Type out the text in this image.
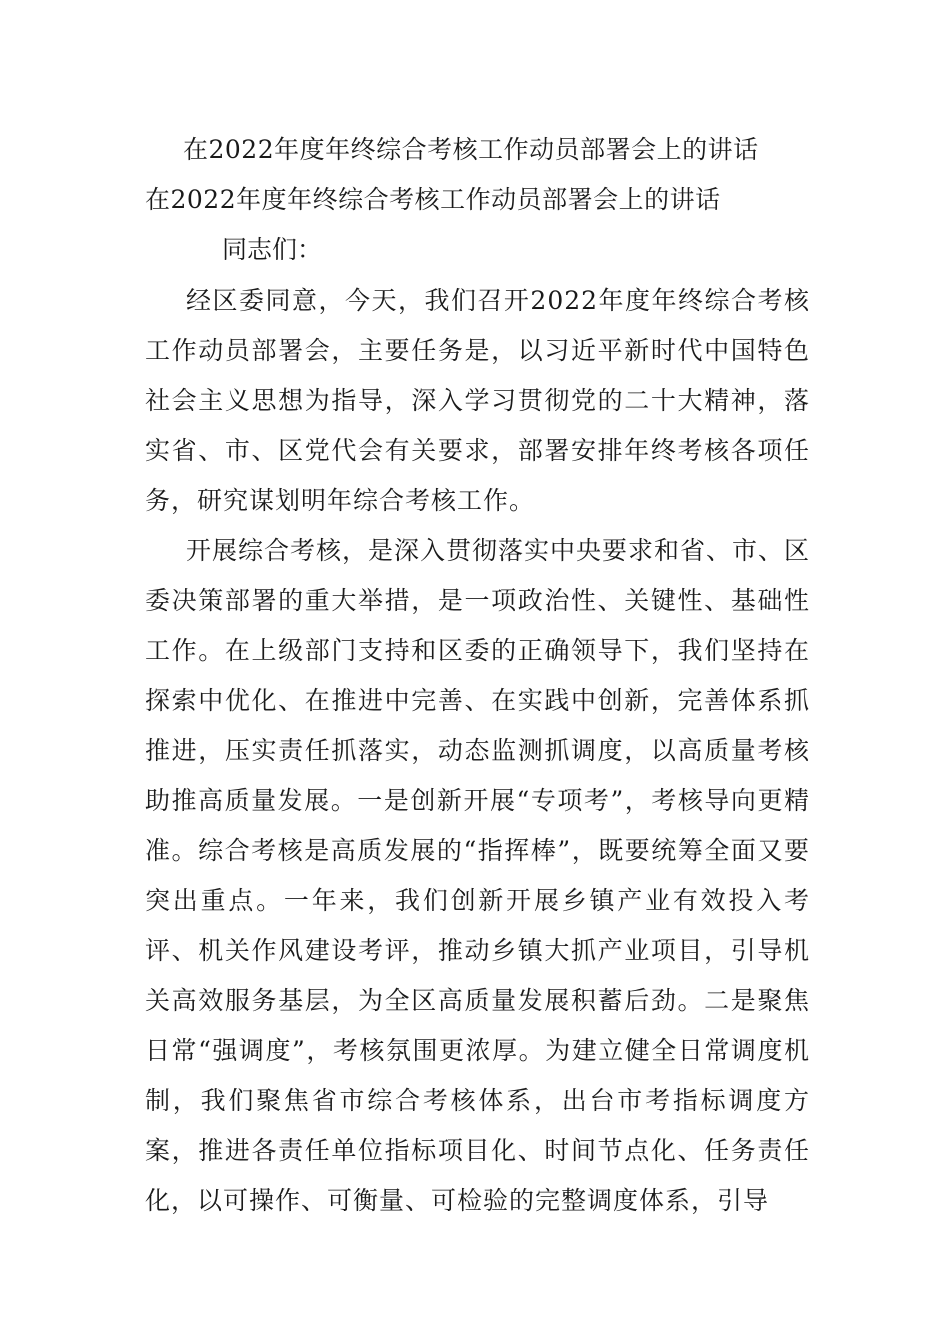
在2022年度年终综合考核工作动员部署会上的讲话
在2022年度年终综合考核工作动员部署会上的讲话
同志们：

经区委同意，今天，我们召开2022年度年终综合考核工作动员部署会，主要任务是，以习近平新时代中国特色社会主义思想为指导，深入学习贯彻党的二十大精神，落实省、市、区党代会有关要求，部署安排年终考核各项任务，研究谋划明年综合考核工作。

开展综合考核，是深入贯彻落实中央要求和省、市、区委决策部署的重大举措，是一项政治性、关键性、基础性工作。在上级部门支持和区委的正确领导下，我们坚持在探索中优化、在推进中完善、在实践中创新，完善体系抓推进，压实责任抓落实，动态监测抓调度，以高质量考核助推高质量发展。一是创新开展“专项考”，考核导向更精准。综合考核是高质发展的“指挥棒”，既要统筹全面又要突出重点。一年来，我们创新开展乡镇产业有效投入考评、机关作风建设考评，推动乡镇大抓产业项目，引导机关高效服务基层，为全区高质量发展积蓄后劲。二是聚焦日常“强调度”，考核氛围更浓厚。为建立健全日常调度机制，我们聚焦省市综合考核体系，出台市考指标调度方案，推进各责任单位指标项目化、时间节点化、任务责任化，以可操作、可衡量、可检验的完整调度体系，引导
